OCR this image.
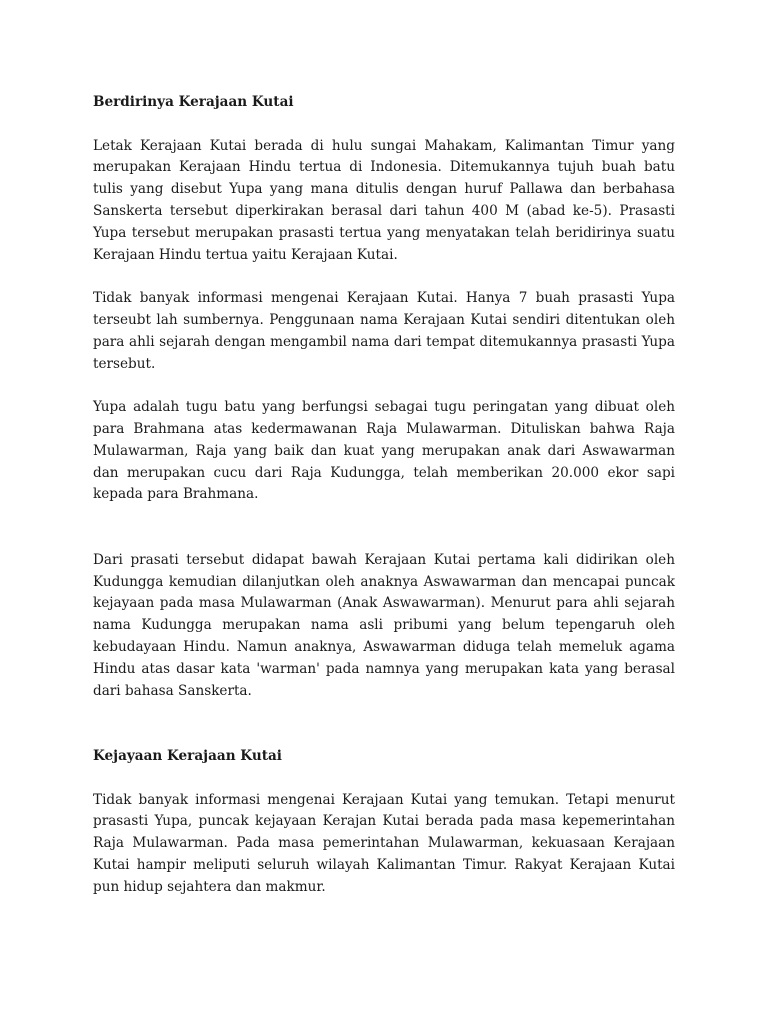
Berdirinya Kerajaan Kutai

Letak Kerajaan Kutai berada di hulu sungai Mahakam, Kalimantan Timur yang merupakan Kerajaan Hindu tertua di Indonesia. Ditemukannya tujuh buah batu tulis yang disebut Yupa yang mana ditulis dengan huruf Pallawa dan berbahasa Sanskerta tersebut diperkirakan berasal dari tahun 400 M (abad ke-5). Prasasti Yupa tersebut merupakan prasasti tertua yang menyatakan telah beridirinya suatu Kerajaan Hindu tertua yaitu Kerajaan Kutai.

Tidak banyak informasi mengenai Kerajaan Kutai. Hanya 7 buah prasasti Yupa terseubt lah sumbernya. Penggunaan nama Kerajaan Kutai sendiri ditentukan oleh para ahli sejarah dengan mengambil nama dari tempat ditemukannya prasasti Yupa tersebut.

Yupa adalah tugu batu yang berfungsi sebagai tugu peringatan yang dibuat oleh para Brahmana atas kedermawanan Raja Mulawarman. Dituliskan bahwa Raja Mulawarman, Raja yang baik dan kuat yang merupakan anak dari Aswawarman dan merupakan cucu dari Raja Kudungga, telah memberikan 20.000 ekor sapi kepada para Brahmana.

Dari prasati tersebut didapat bawah Kerajaan Kutai pertama kali didirikan oleh Kudungga kemudian dilanjutkan oleh anaknya Aswawarman dan mencapai puncak kejayaan pada masa Mulawarman (Anak Aswawarman). Menurut para ahli sejarah nama Kudungga merupakan nama asli pribumi yang belum tepengaruh oleh kebudayaan Hindu. Namun anaknya, Aswawarman diduga telah memeluk agama Hindu atas dasar kata 'warman' pada namnya yang merupakan kata yang berasal dari bahasa Sanskerta.

Kejayaan Kerajaan Kutai

Tidak banyak informasi mengenai Kerajaan Kutai yang temukan. Tetapi menurut prasasti Yupa, puncak kejayaan Kerajan Kutai berada pada masa kepemerintahan Raja Mulawarman. Pada masa pemerintahan Mulawarman, kekuasaan Kerajaan Kutai hampir meliputi seluruh wilayah Kalimantan Timur. Rakyat Kerajaan Kutai pun hidup sejahtera dan makmur.
